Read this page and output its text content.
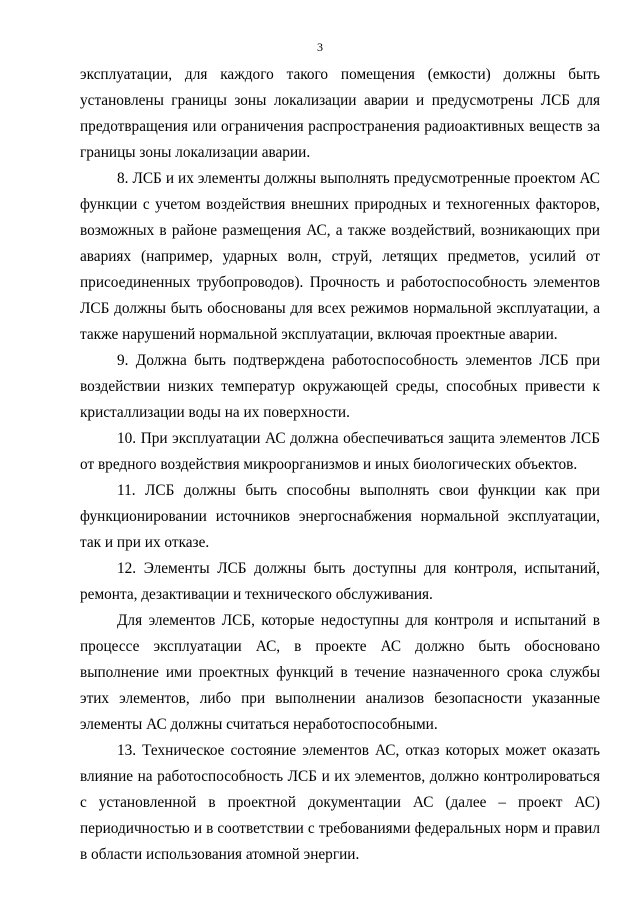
3

эксплуатации, для каждого такого помещения (емкости) должны быть установлены границы зоны локализации аварии и предусмотрены ЛСБ для предотвращения или ограничения распространения радиоактивных веществ за границы зоны локализации аварии.

8. ЛСБ и их элементы должны выполнять предусмотренные проектом АС функции с учетом воздействия внешних природных и техногенных факторов, возможных в районе размещения АС, а также воздействий, возникающих при авариях (например, ударных волн, струй, летящих предметов, усилий от присоединенных трубопроводов). Прочность и работоспособность элементов ЛСБ должны быть обоснованы для всех режимов нормальной эксплуатации, а также нарушений нормальной эксплуатации, включая проектные аварии.

9. Должна быть подтверждена работоспособность элементов ЛСБ при воздействии низких температур окружающей среды, способных привести к кристаллизации воды на их поверхности.

10. При эксплуатации АС должна обеспечиваться защита элементов ЛСБ от вредного воздействия микроорганизмов и иных биологических объектов.

11. ЛСБ должны быть способны выполнять свои функции как при функционировании источников энергоснабжения нормальной эксплуатации, так и при их отказе.

12. Элементы ЛСБ должны быть доступны для контроля, испытаний, ремонта, дезактивации и технического обслуживания.

Для элементов ЛСБ, которые недоступны для контроля и испытаний в процессе эксплуатации АС, в проекте АС должно быть обосновано выполнение ими проектных функций в течение назначенного срока службы этих элементов, либо при выполнении анализов безопасности указанные элементы АС должны считаться неработоспособными.

13. Техническое состояние элементов АС, отказ которых может оказать влияние на работоспособность ЛСБ и их элементов, должно контролироваться с установленной в проектной документации АС (далее – проект АС) периодичностью и в соответствии с требованиями федеральных норм и правил в области использования атомной энергии.
